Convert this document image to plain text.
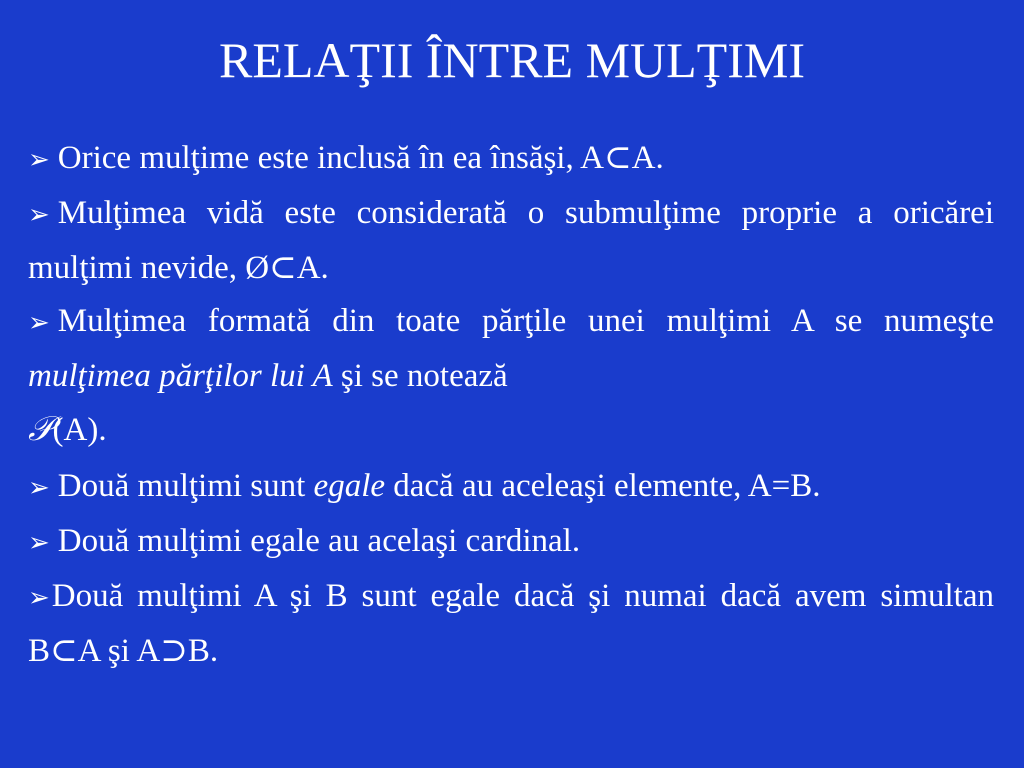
RELAŢII ÎNTRE MULŢIMI

➢ Orice mulţime este inclusă în ea însăşi, A⊂A.

➢ Mulţimea vidă este considerată o submulţime proprie a oricărei mulţimi nevide, Ø⊂A.

➢ Mulţimea formată din toate părţile unei mulţimi A se numeşte mulţimea părţilor lui A şi se notează
𝒫(A).

➢ Două mulţimi sunt egale dacă au aceleaşi elemente, A=B.

➢ Două mulţimi egale au acelaşi cardinal.

➢Două mulţimi A şi B sunt egale dacă şi numai dacă avem simultan B⊂A şi A⊃B.
